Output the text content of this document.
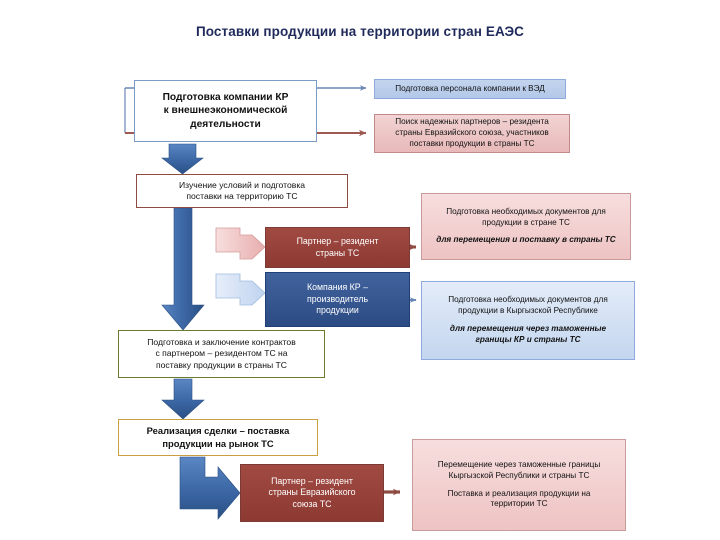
Поставки продукции на территории стран ЕАЭС
Подготовка компании КР
к внешнеэкономической
деятельности
Подготовка персонала компании к ВЭД
Поиск надежных партнеров – резидента
страны Евразийского союза, участников
поставки продукции в страны ТС
Изучение условий и подготовка
поставки на территорию ТС
Партнер – резидент
страны ТС
Компания КР –
производитель
продукции
Подготовка необходимых документов для
продукции в стране ТС
для перемещения и поставку в страны ТС
Подготовка необходимых документов для
продукции в Кыргызской Республике
для перемещения через таможенные
границы КР и страны ТС
Подготовка и заключение контрактов
с партнером – резидентом ТС на
поставку продукции в страны ТС
Реализация сделки – поставка
продукции на рынок ТС
Партнер – резидент
страны Евразийского
союза ТС
Перемещение через таможенные границы
Кыргызской Республики и страны ТС
Поставка и реализация продукции на
территории ТС
